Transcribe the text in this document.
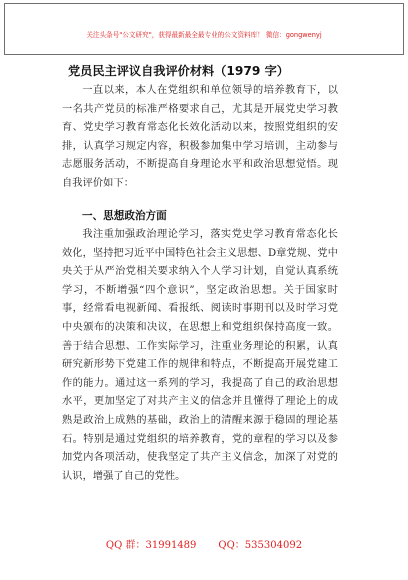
关注头条号"公文研究"，获得最新最全最专业的公文资料库！ 微信：gongwenyj
党员民主评议自我评价材料（1979 字）

一直以来，本人在党组织和单位领导的培养教育下，以一名共产党员的标准严格要求自己，尤其是开展党史学习教育、党史学习教育常态化长效化活动以来，按照党组织的安排，认真学习规定内容，积极参加集中学习培训，主动参与志愿服务活动，不断提高自身理论水平和政治思想觉悟。现自我评价如下：

一、思想政治方面

我注重加强政治理论学习，落实党史学习教育常态化长效化，坚持把习近平中国特色社会主义思想、D章党规、党中央关于从严治党相关要求纳入个人学习计划，自觉认真系统学习，不断增强“四个意识”，坚定政治思想。关于国家时事，经常看电视新闻、看报纸、阅读时事期刊以及时学习党中央颁布的决策和决议，在思想上和党组织保持高度一致。善于结合思想、工作实际学习，注重业务理论的积累，认真研究新形势下党建工作的规律和特点，不断提高开展党建工作的能力。通过这一系列的学习，我提高了自己的政治思想水平，更加坚定了对共产主义的信念并且懂得了理论上的成熟是政治上成熟的基础，政治上的清醒来源于稳固的理论基石。特别是通过党组织的培养教育，党的章程的学习以及参加党内各项活动，使我坚定了共产主义信念，加深了对党的认识，增强了自己的党性。

QQ 群：31991489 QQ：535304092
